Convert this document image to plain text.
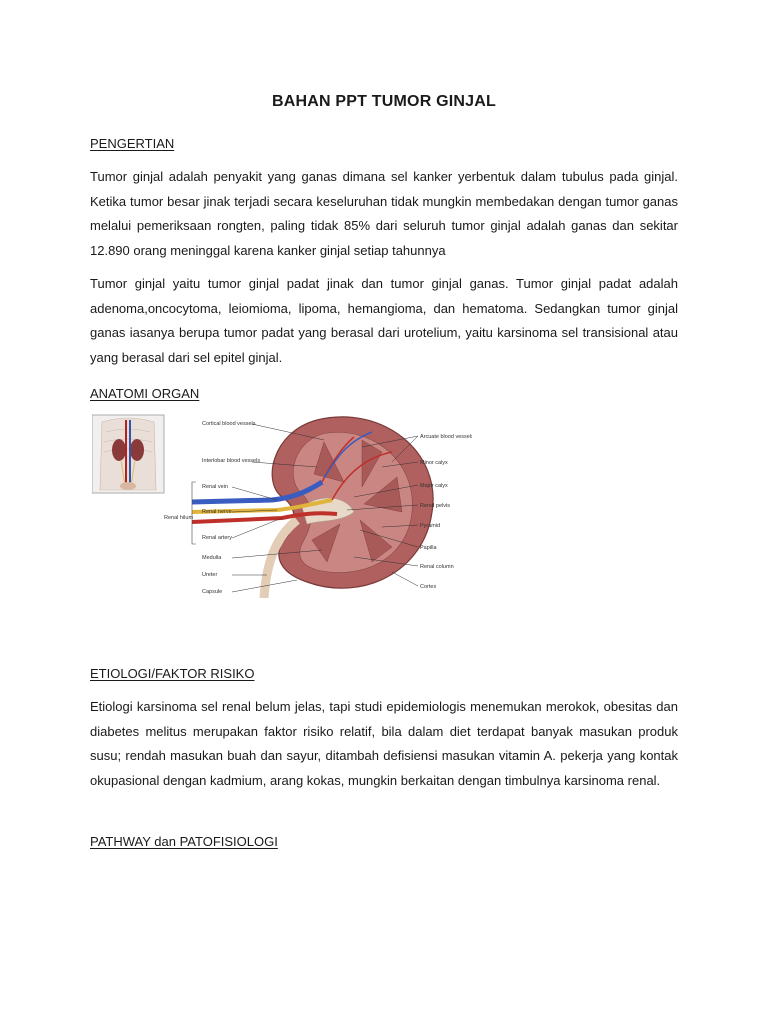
BAHAN PPT TUMOR GINJAL
PENGERTIAN
Tumor ginjal adalah penyakit yang ganas dimana sel kanker yerbentuk dalam tubulus pada ginjal. Ketika tumor besar jinak terjadi secara keseluruhan tidak mungkin membedakan dengan tumor ganas melalui pemeriksaan rongten, paling tidak 85% dari seluruh tumor ginjal adalah ganas dan sekitar 12.890 orang meninggal karena kanker ginjal setiap tahunnya
Tumor ginjal yaitu tumor ginjal padat jinak dan tumor ginjal ganas. Tumor ginjal padat adalah adenoma,oncocytoma, leiomioma, lipoma, hemangioma, dan hematoma. Sedangkan tumor ginjal ganas iasanya berupa tumor padat yang berasal dari urotelium, yaitu karsinoma sel transisional atau yang berasal dari sel epitel ginjal.
ANATOMI ORGAN
Cortical blood vessels
Interlobar blood vessels
Renal vein
Renal nerve
Renal artery
Medulla
Ureter
Capsule
Renal hilum
Arcuate blood vessels
Minor calyx
Major calyx
Renal pelvis
Pyramid
Papilla
Renal column
Cortex
ETIOLOGI/FAKTOR RISIKO
Etiologi karsinoma sel renal belum jelas, tapi studi epidemiologis menemukan merokok, obesitas dan diabetes melitus merupakan faktor risiko relatif, bila dalam diet terdapat banyak masukan produk susu; rendah masukan buah dan sayur, ditambah defisiensi masukan vitamin A. pekerja yang kontak okupasional dengan kadmium, arang kokas, mungkin berkaitan dengan timbulnya karsinoma renal.
PATHWAY dan PATOFISIOLOGI
